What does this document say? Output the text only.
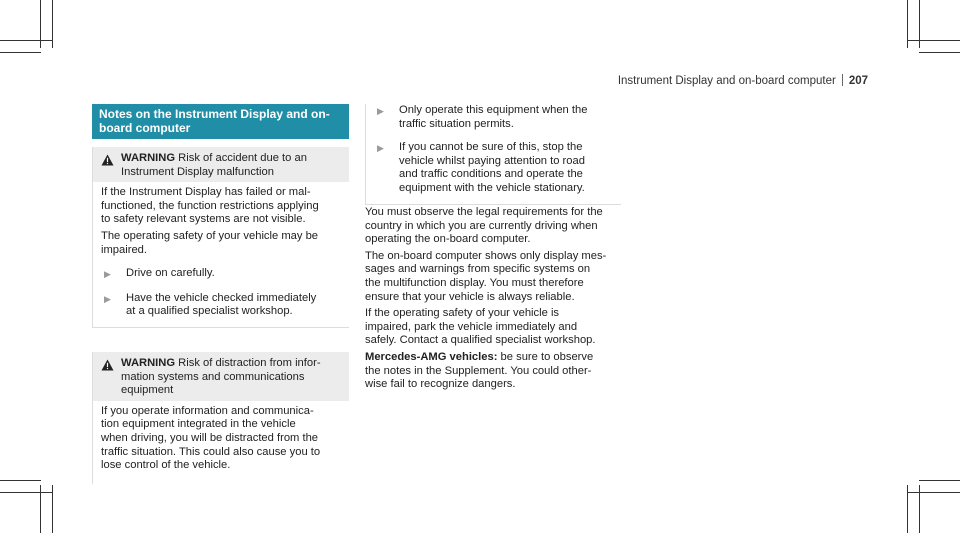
Instrument Display and on-board computer 207
Notes on the Instrument Display and on-
board computer
WARNING Risk of accident due to an
Instrument Display malfunction

If the Instrument Display has failed or mal-
functioned, the function restrictions applying
to safety relevant systems are not visible.

The operating safety of your vehicle may be
impaired.

▶	Drive on carefully.
▶	Have the vehicle checked immediately
at a qualified specialist workshop.
WARNING Risk of distraction from infor-
mation systems and communications
equipment

If you operate information and communica-
tion equipment integrated in the vehicle
when driving, you will be distracted from the
traffic situation. This could also cause you to
lose control of the vehicle.

▶	Only operate this equipment when the
traffic situation permits.
▶	If you cannot be sure of this, stop the
vehicle whilst paying attention to road
and traffic conditions and operate the
equipment with the vehicle stationary.

You must observe the legal requirements for the
country in which you are currently driving when
operating the on-board computer.

The on-board computer shows only display mes-
sages and warnings from specific systems on
the multifunction display. You must therefore
ensure that your vehicle is always reliable.

If the operating safety of your vehicle is
impaired, park the vehicle immediately and
safely. Contact a qualified specialist workshop.

Mercedes-AMG vehicles: be sure to observe
the notes in the Supplement. You could other-
wise fail to recognize dangers.
